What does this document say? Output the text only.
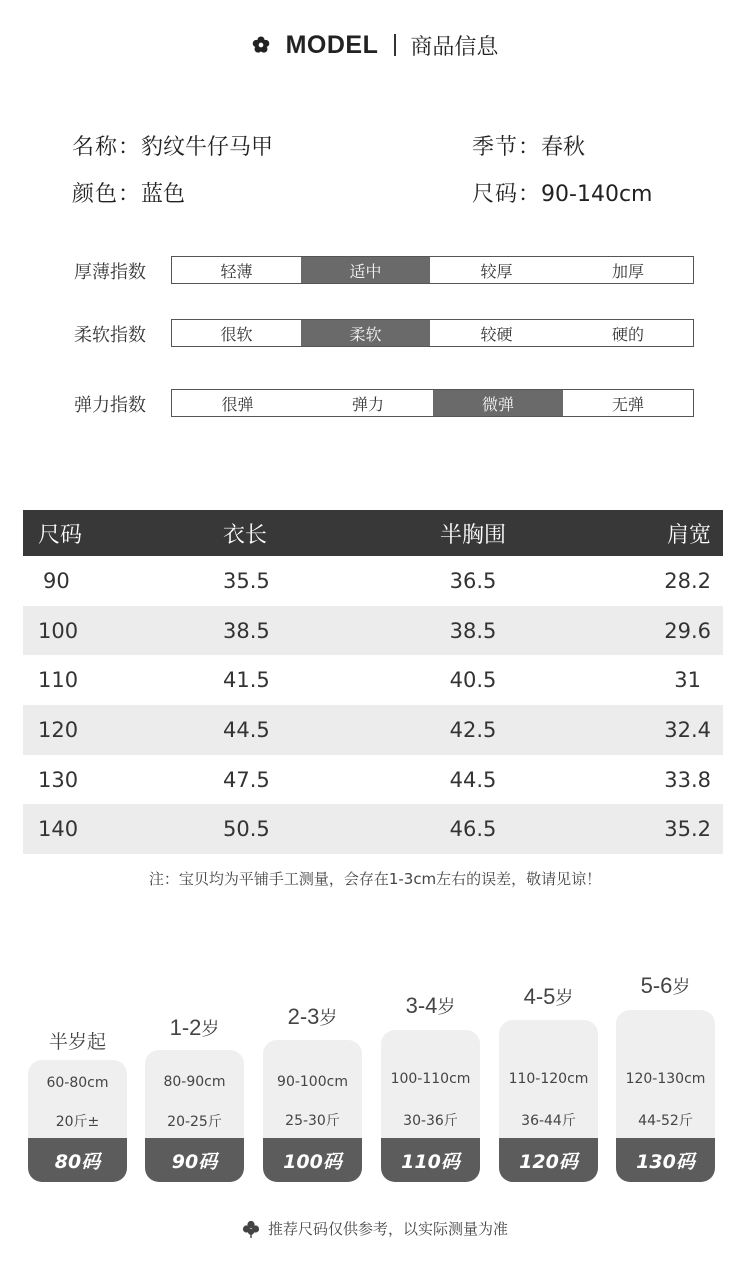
MODEL 商品信息
名称：豹纹牛仔马甲	季节：春秋
颜色：蓝色	尺码：90-140cm
厚薄指数	轻薄	适中	较厚	加厚
柔软指数	很软	柔软	较硬	硬的
弹力指数	很弹	弹力	微弹	无弹
尺码	衣长	半胸围	肩宽
90	35.5	36.5	28.2
100	38.5	38.5	29.6
110	41.5	40.5	31
120	44.5	42.5	32.4
130	47.5	44.5	33.8
140	50.5	46.5	35.2
注：宝贝均为平铺手工测量，会存在1-3cm左右的误差，敬请见谅！
半岁起
60-80cm
20斤±
80码
1-2岁
80-90cm
20-25斤
90码
2-3岁
90-100cm
25-30斤
100码
3-4岁
100-110cm
30-36斤
110码
4-5岁
110-120cm
36-44斤
120码
5-6岁
120-130cm
44-52斤
130码
推荐尺码仅供参考，以实际测量为准
